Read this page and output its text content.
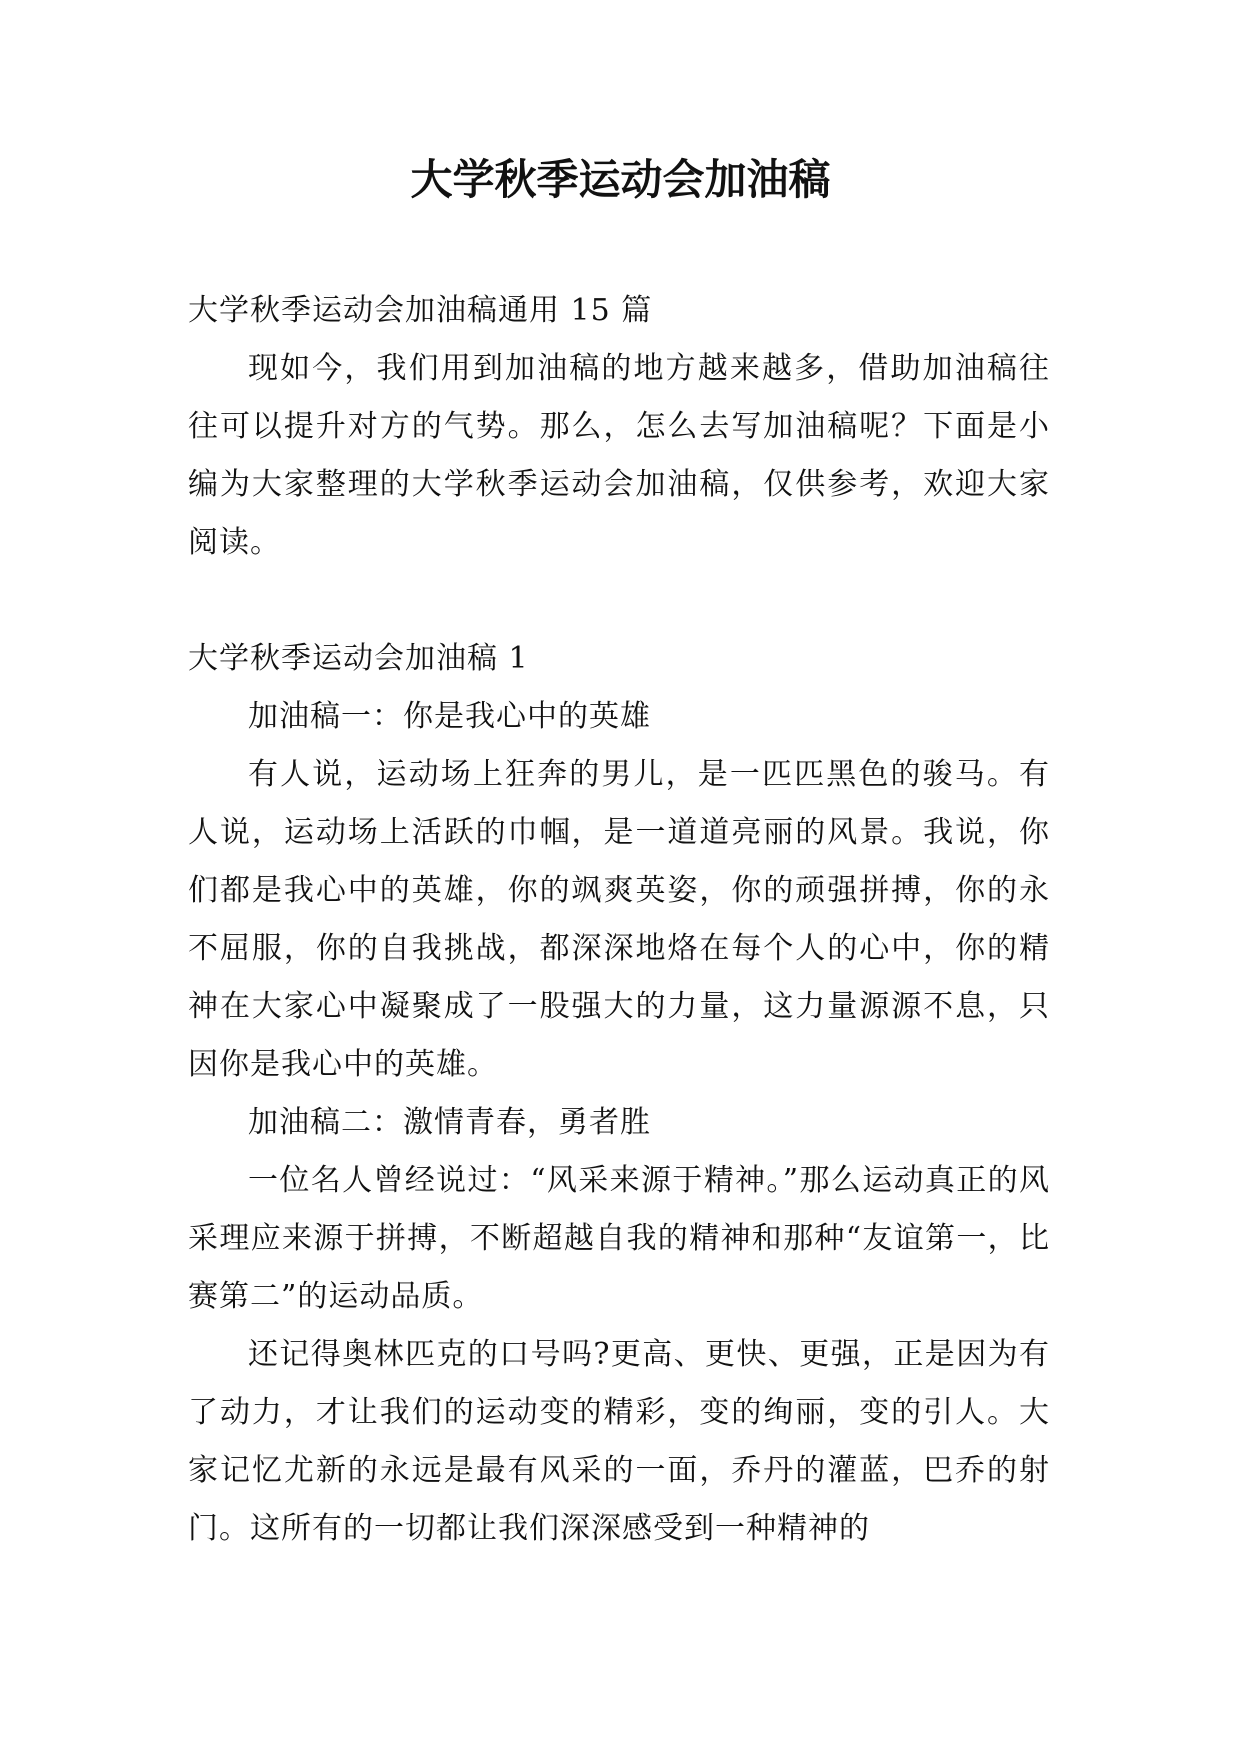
大学秋季运动会加油稿

大学秋季运动会加油稿通用 15 篇

现如今，我们用到加油稿的地方越来越多，借助加油稿往往可以提升对方的气势。那么，怎么去写加油稿呢？下面是小编为大家整理的大学秋季运动会加油稿，仅供参考，欢迎大家阅读。

大学秋季运动会加油稿 1

加油稿一：你是我心中的英雄

有人说，运动场上狂奔的男儿，是一匹匹黑色的骏马。有人说，运动场上活跃的巾帼，是一道道亮丽的风景。我说，你们都是我心中的英雄，你的飒爽英姿，你的顽强拼搏，你的永不屈服，你的自我挑战，都深深地烙在每个人的心中，你的精神在大家心中凝聚成了一股强大的力量，这力量源源不息，只因你是我心中的英雄。

加油稿二：激情青春，勇者胜

一位名人曾经说过：“风采来源于精神。”那么运动真正的风采理应来源于拼搏，不断超越自我的精神和那种“友谊第一，比赛第二”的运动品质。

还记得奥林匹克的口号吗?更高、更快、更强，正是因为有了动力，才让我们的运动变的精彩，变的绚丽，变的引人。大家记忆尤新的永远是最有风采的一面，乔丹的灌蓝，巴乔的射门。这所有的一切都让我们深深感受到一种精神的
